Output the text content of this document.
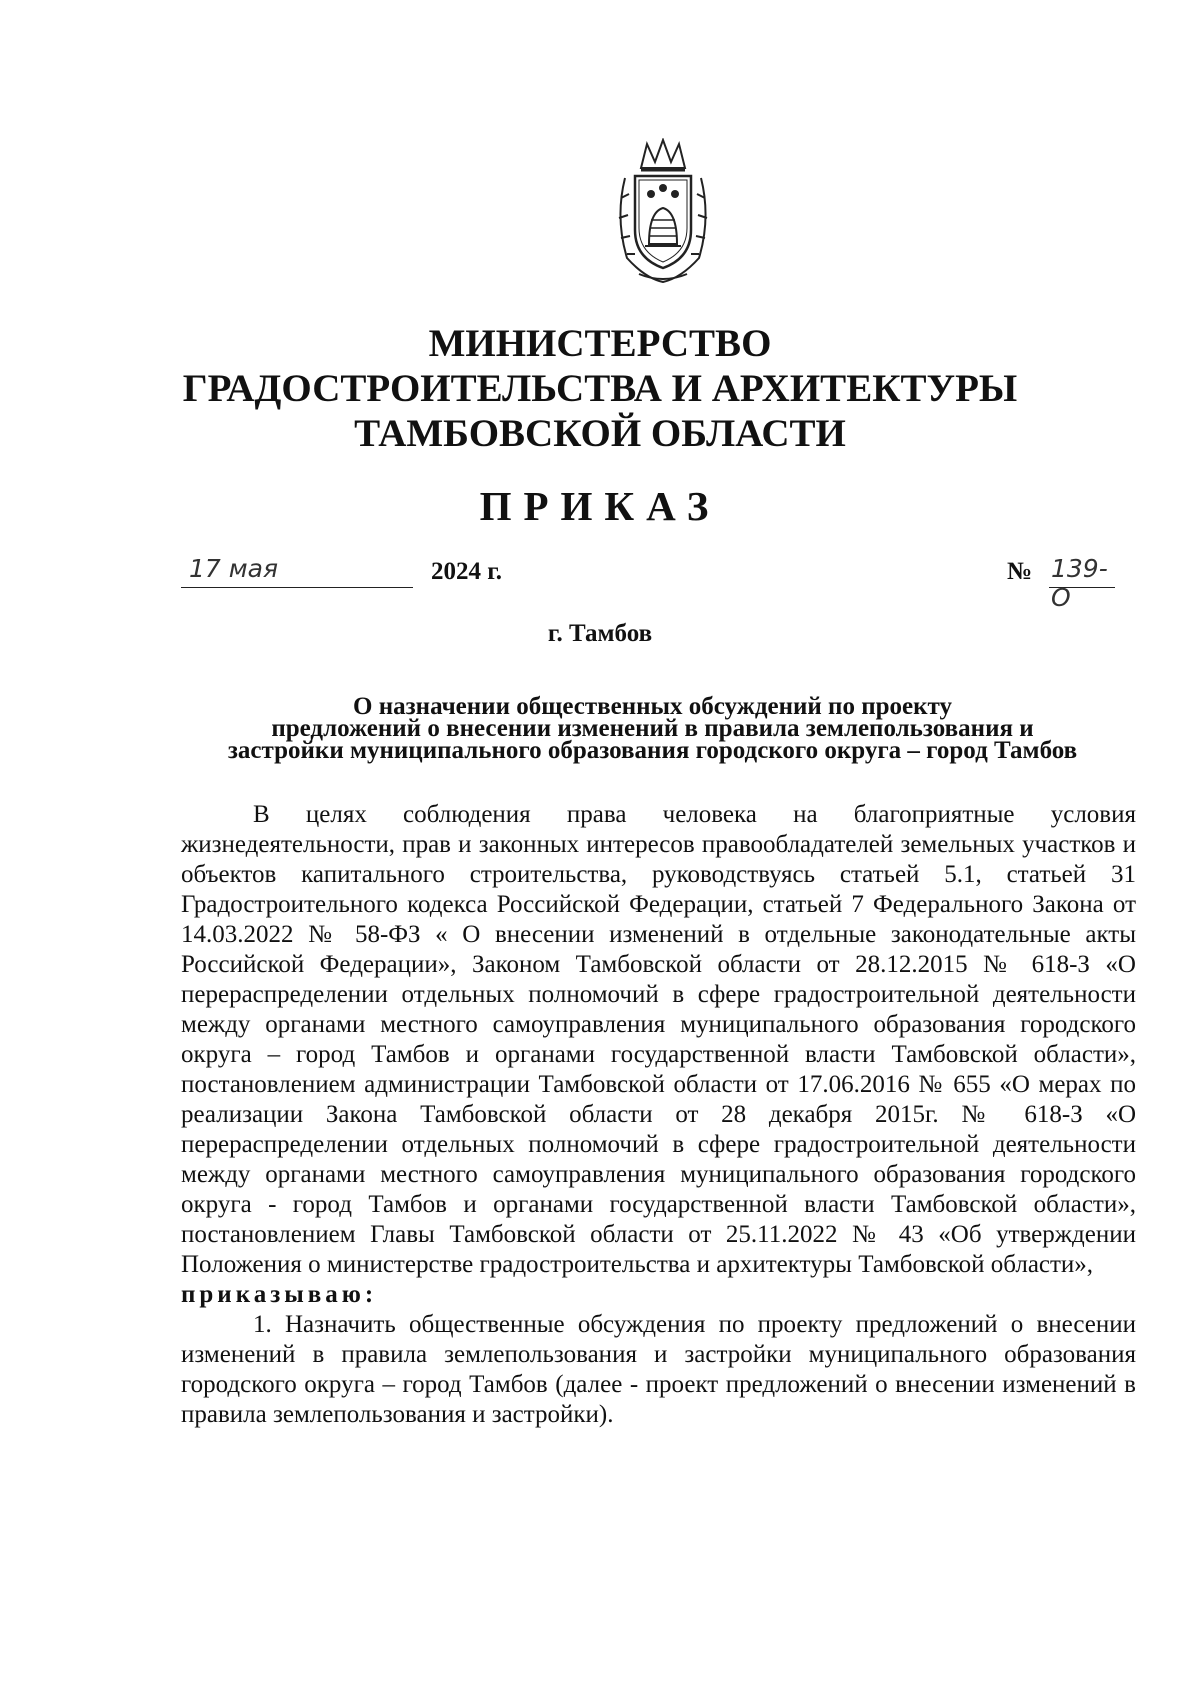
МИНИСТЕРСТВО
ГРАДОСТРОИТЕЛЬСТВА И АРХИТЕКТУРЫ
ТАМБОВСКОЙ ОБЛАСТИ
ПРИКАЗ
17 мая	2024 г.	№ 139-О
г. Тамбов
О назначении общественных обсуждений по проекту
предложений о внесении изменений в правила землепользования и
застройки муниципального образования городского округа – город Тамбов

В целях соблюдения права человека на благоприятные условия жизнедеятельности, прав и законных интересов правообладателей земельных участков и объектов капитального строительства, руководствуясь статьей 5.1, статьей 31 Градостроительного кодекса Российской Федерации, статьей 7 Федерального Закона от 14.03.2022 № 58-ФЗ « О внесении изменений в отдельные законодательные акты Российской Федерации», Законом Тамбовской области от 28.12.2015 № 618-З «О перераспределении отдельных полномочий в сфере градостроительной деятельности между органами местного самоуправления муниципального образования городского округа – город Тамбов и органами государственной власти Тамбовской области», постановлением администрации Тамбовской области от 17.06.2016 № 655 «О мерах по реализации Закона Тамбовской области от 28 декабря 2015г. № 618-З «О перераспределении отдельных полномочий в сфере градостроительной деятельности между органами местного самоуправления муниципального образования городского округа - город Тамбов и органами государственной власти Тамбовской области», постановлением Главы Тамбовской области от 25.11.2022 № 43 «Об утверждении Положения о министерстве градостроительства и архитектуры Тамбовской области»,

приказываю:

1. Назначить общественные обсуждения по проекту предложений о внесении изменений в правила землепользования и застройки муниципального образования городского округа – город Тамбов (далее - проект предложений о внесении изменений в правила землепользования и застройки).
